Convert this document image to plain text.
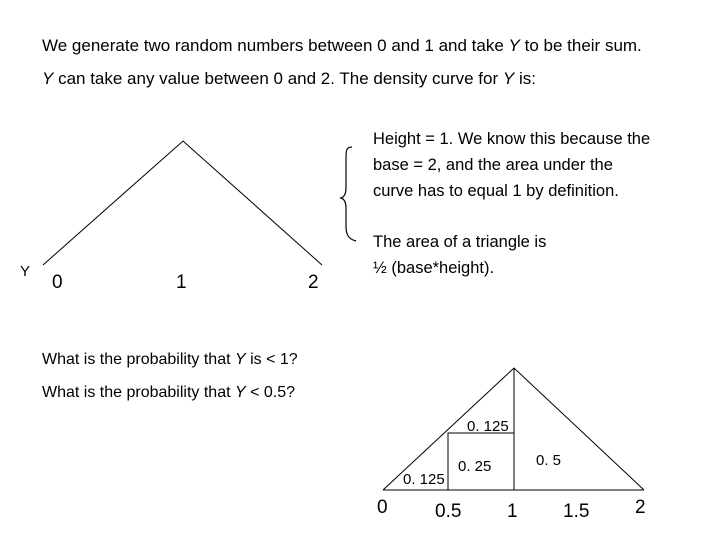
We generate two random numbers between 0 and 1 and take Y to be their sum.
Y can take any value between 0 and 2. The density curve for Y is:
Height = 1. We know this because the
base = 2, and the area under the
curve has to equal 1 by definition.
The area of a triangle is
½ (base*height).
Y
0	1	2
What is the probability that Y is < 1?
What is the probability that Y < 0.5?
0. 125
0. 25	0. 5
0. 125
0 0.5 1 1.5 2
